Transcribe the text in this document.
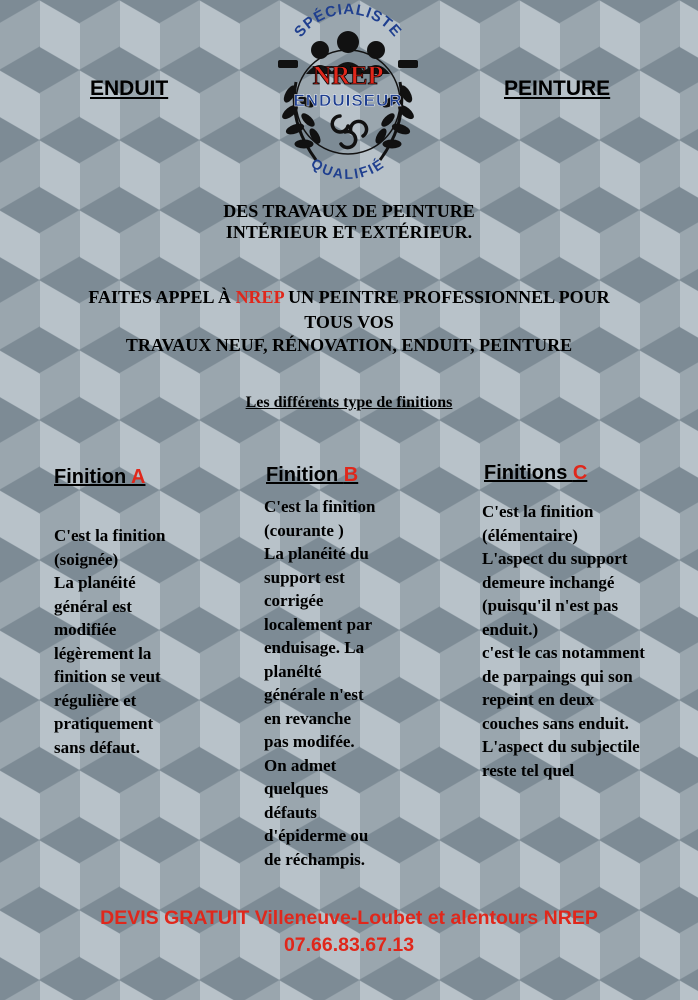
ENDUIT	PEINTURE
SPÉCIALISTE
NREP
ENDUISEUR
QUALIFIÉ
DES TRAVAUX DE PEINTURE
INTÉRIEUR ET EXTÉRIEUR.
FAITES APPEL À NREP UN PEINTRE PROFESSIONNEL POUR
TOUS VOS
TRAVAUX NEUF, RÉNOVATION, ENDUIT, PEINTURE
Les différents type de finitions
Finition A
C'est la finition
(soignée)
La planéité
général est
modifiée
légèrement la
finition se veut
régulière et
pratiquement
sans défaut.
Finition B
C'est la finition
(courante )
La planéité du
support est
corrigée
localement par
enduisage. La
planélté
générale n'est
en revanche
pas modifée.
On admet
quelques
défauts
d'épiderme ou
de réchampis.
Finitions C
C'est la finition
(élémentaire)
L'aspect du support
demeure inchangé
(puisqu'il n'est pas
enduit.)
c'est le cas notamment
de parpaings qui son
repeint en deux
couches sans enduit.
L'aspect du subjectile
reste tel quel
DEVIS GRATUIT Villeneuve-Loubet et alentours NREP
07.66.83.67.13
